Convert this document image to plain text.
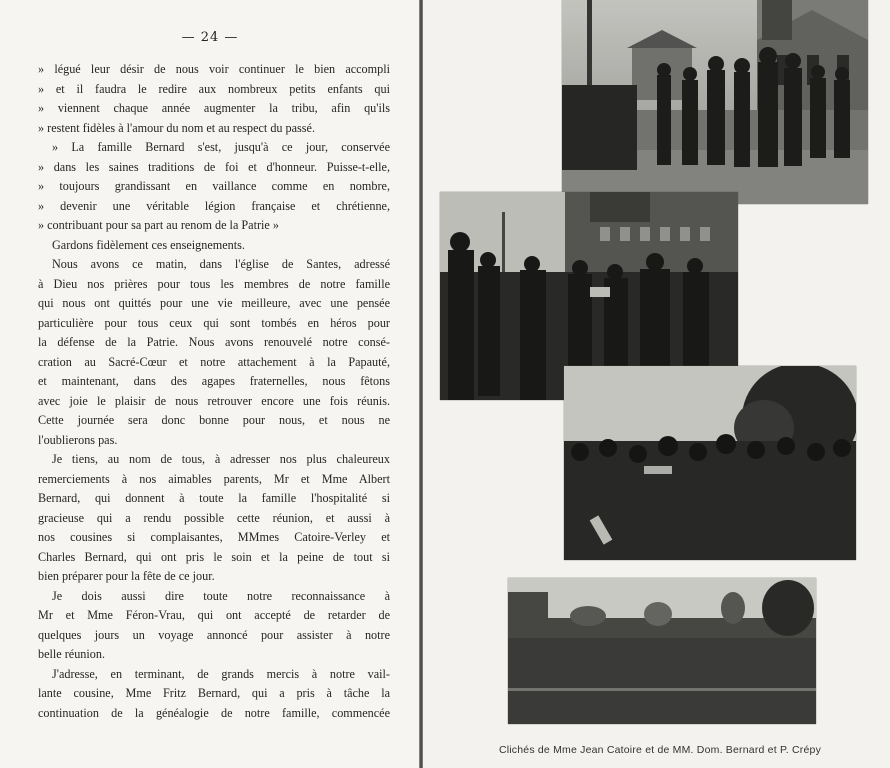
— 24 —
» légué leur désir de nous voir continuer le bien accompli
» et il faudra le redire aux nombreux petits enfants qui
» viennent chaque année augmenter la tribu, afin qu'ils
» restent fidèles à l'amour du nom et au respect du passé.
» La famille Bernard s'est, jusqu'à ce jour, conservée
» dans les saines traditions de foi et d'honneur. Puisse-t-elle,
» toujours grandissant en vaillance comme en nombre,
» devenir une véritable légion française et chrétienne,
» contribuant pour sa part au renom de la Patrie »
Gardons fidèlement ces enseignements.
Nous avons ce matin, dans l'église de Santes, adressé
à Dieu nos prières pour tous les membres de notre famille
qui nous ont quittés pour une vie meilleure, avec une pensée
particulière pour tous ceux qui sont tombés en héros pour
la défense de la Patrie. Nous avons renouvelé notre consé-
cration au Sacré-Cœur et notre attachement à la Papauté,
et maintenant, dans des agapes fraternelles, nous fêtons
avec joie le plaisir de nous retrouver encore une fois réunis.
Cette journée sera donc bonne pour nous, et nous ne
l'oublierons pas.
Je tiens, au nom de tous, à adresser nos plus chaleureux
remerciements à nos aimables parents, Mr et Mme Albert
Bernard, qui donnent à toute la famille l'hospitalité si
gracieuse qui a rendu possible cette réunion, et aussi à
nos cousines si complaisantes, MMmes Catoire-Verley et
Charles Bernard, qui ont pris le soin et la peine de tout si
bien préparer pour la fête de ce jour.
Je dois aussi dire toute notre reconnaissance à
Mr et Mme Féron-Vrau, qui ont accepté de retarder de
quelques jours un voyage annoncé pour assister à notre
belle réunion.
J'adresse, en terminant, de grands mercis à notre vail-
lante cousine, Mme Fritz Bernard, qui a pris à tâche la
continuation de la généalogie de notre famille, commencée
Clichés de Mme Jean Catoire et de MM. Dom. Bernard et P. Crépy
